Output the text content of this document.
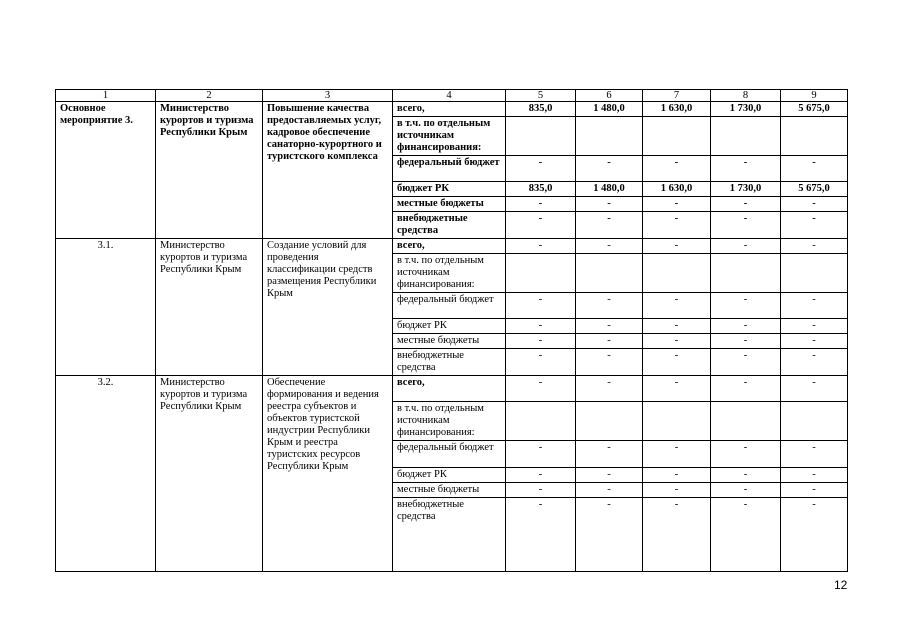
1	2	3	4	5	6	7	8	9
Основное мероприятие 3.	Министерство курортов и туризма Республики Крым	Повышение качества предоставляемых услуг, кадровое обеспечение санаторно-курортного и туристского комплекса	всего,	835,0	1 480,0	1 630,0	1 730,0	5 675,0
			в т.ч. по отдельным источникам финансирования:					
			федеральный бюджет	-	-	-	-	-
			бюджет РК	835,0	1 480,0	1 630,0	1 730,0	5 675,0
			местные бюджеты	-	-	-	-	-
			внебюджетные средства	-	-	-	-	-
3.1.	Министерство курортов и туризма Республики Крым	Создание условий для проведения классификации средств размещения Республики Крым	всего,	-	-	-	-	-
			в т.ч. по отдельным источникам финансирования:					
			федеральный бюджет	-	-	-	-	-
			бюджет РК	-	-	-	-	-
			местные бюджеты	-	-	-	-	-
			внебюджетные средства	-	-	-	-	-
3.2.	Министерство курортов и туризма Республики Крым	Обеспечение формирования и ведения реестра субъектов и объектов туристской индустрии Республики Крым и реестра туристских ресурсов Республики Крым	всего,	-	-	-	-	-
			в т.ч. по отдельным источникам финансирования:					
			федеральный бюджет	-	-	-	-	-
			бюджет РК	-	-	-	-	-
			местные бюджеты	-	-	-	-	-
			внебюджетные средства	-	-	-	-	-
12
